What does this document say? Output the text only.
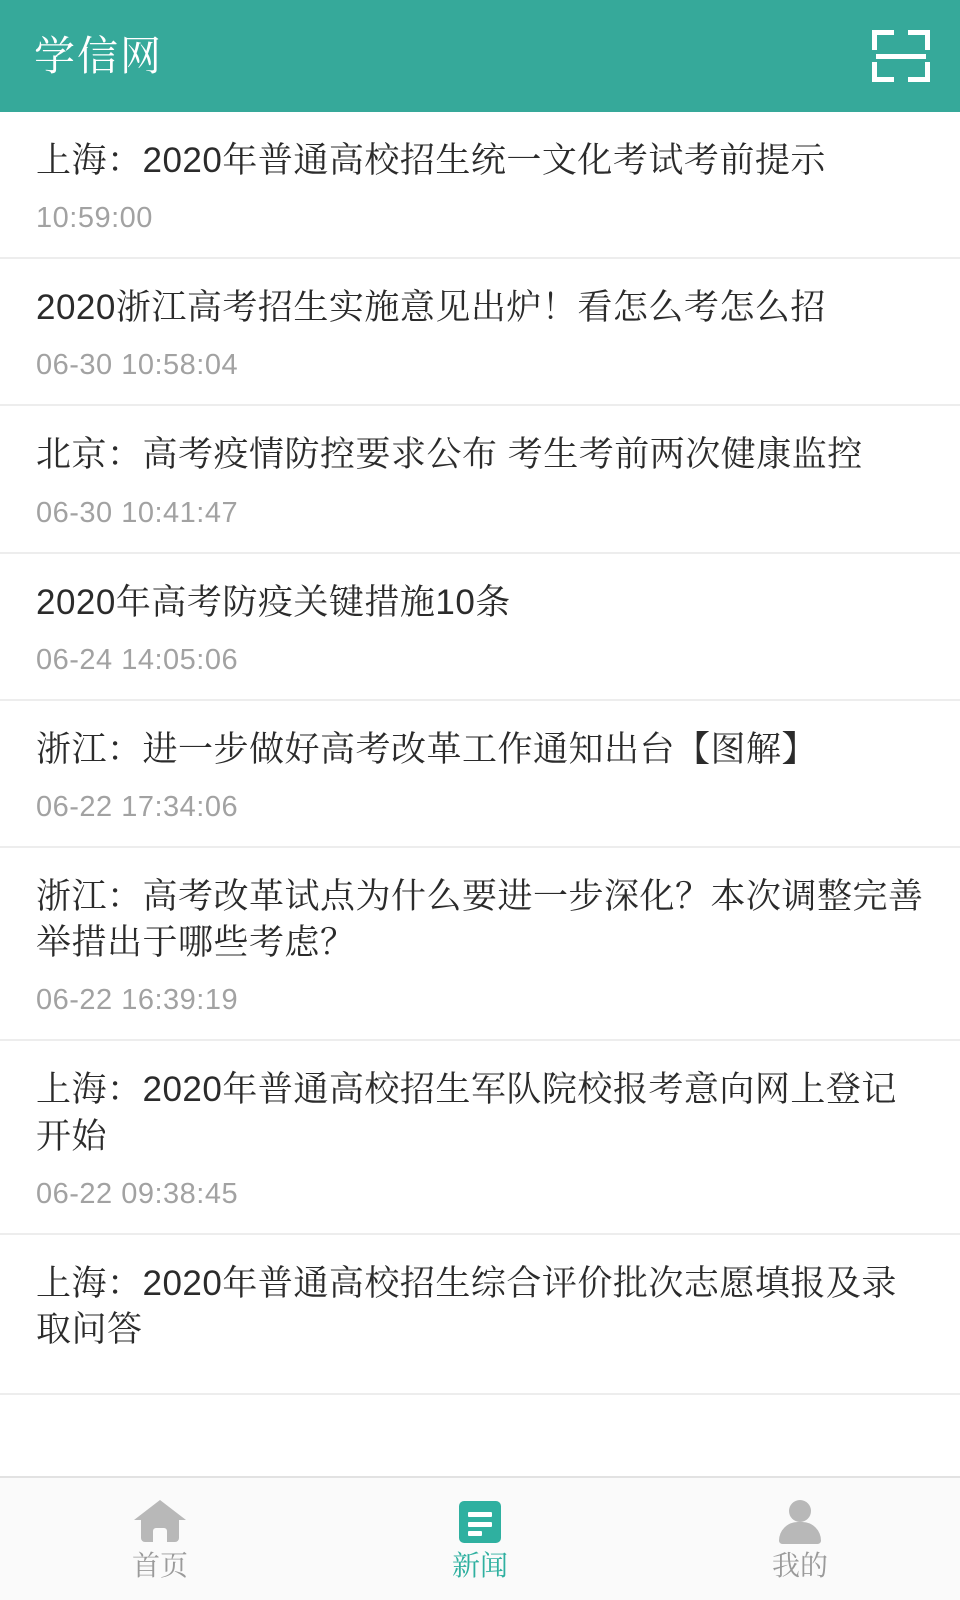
学信网
上海：2020年普通高校招生统一文化考试考前提示
10:59:00
2020浙江高考招生实施意见出炉！看怎么考怎么招
06-30 10:58:04
北京：高考疫情防控要求公布 考生考前两次健康监控
06-30 10:41:47
2020年高考防疫关键措施10条
06-24 14:05:06
浙江：进一步做好高考改革工作通知出台【图解】
06-22 17:34:06
浙江：高考改革试点为什么要进一步深化？本次调整完善举措出于哪些考虑？
06-22 16:39:19
上海：2020年普通高校招生军队院校报考意向网上登记开始
06-22 09:38:45
上海：2020年普通高校招生综合评价批次志愿填报及录取问答
首页	新闻	我的
